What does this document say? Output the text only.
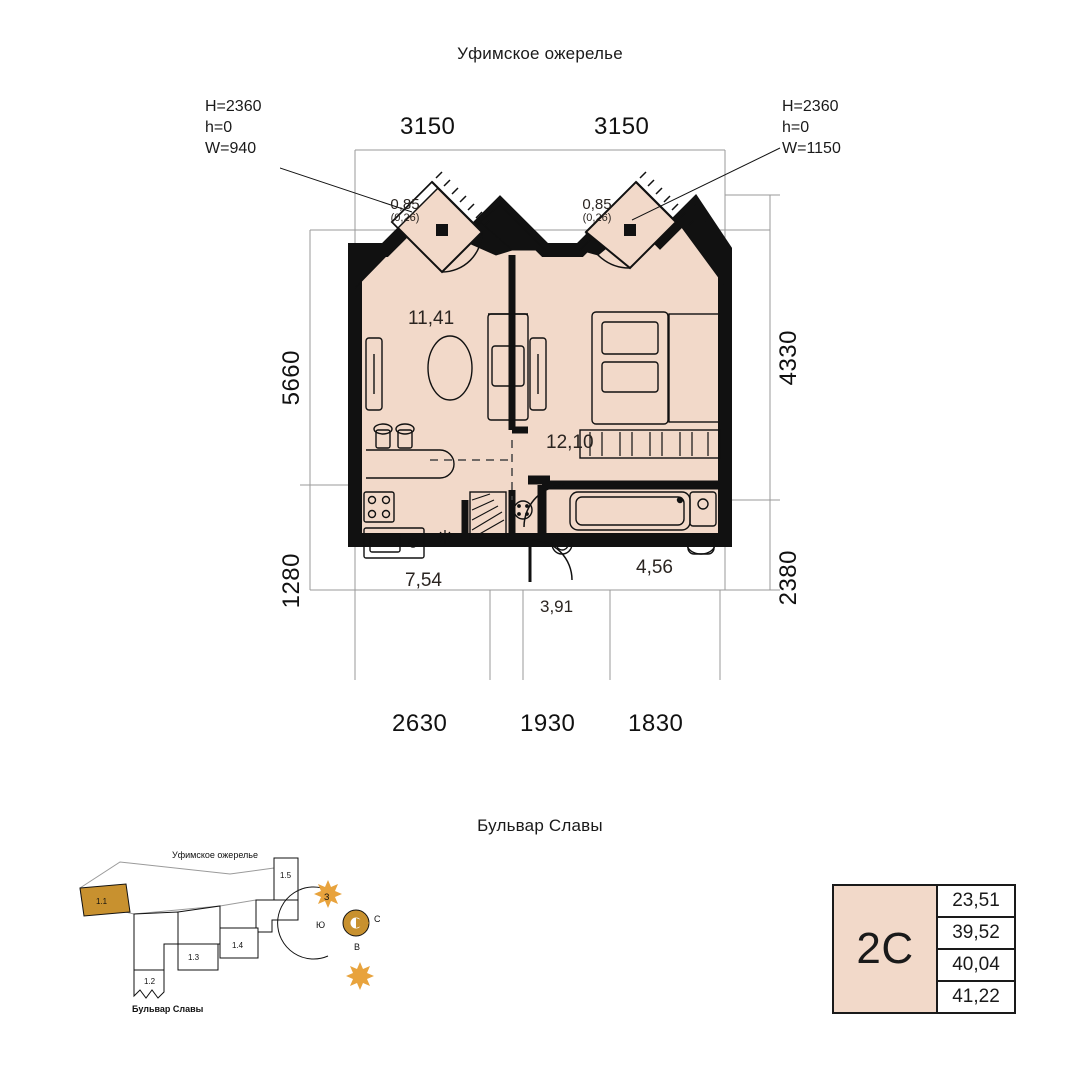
Уфимское ожерелье
H=2360
h=0
W=940
H=2360
h=0
W=1150
3150	3150
2630	1930 1830
5660
1280
4330
2380
11,41
12,10
7,54
3,91
4,56
0,85
(0,26)
0,85
(0,26)
Бульвар Славы
Уфимское ожерелье
Бульвар Славы
1.1
1.2
1.3
1.4
1.5
З
С
В
Ю	2С
23,51
39,52
40,04
41,22
